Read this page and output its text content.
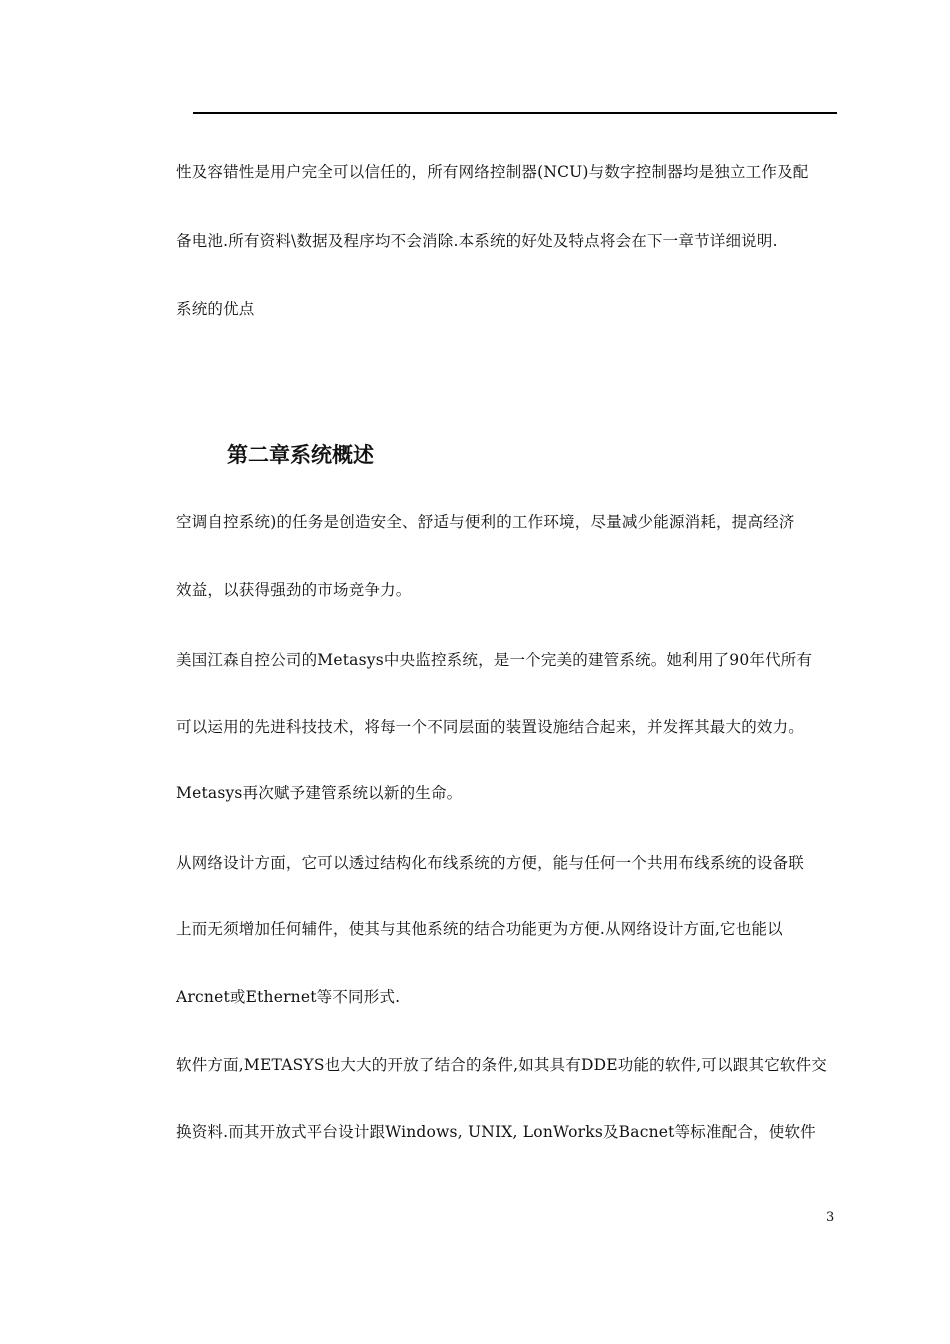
性及容错性是用户完全可以信任的，所有网络控制器(NCU)与数字控制器均是独立工作及配
备电池.所有资料\数据及程序均不会消除.本系统的好处及特点将会在下一章节详细说明.
系统的优点
第二章系统概述
空调自控系统)的任务是创造安全、舒适与便利的工作环境，尽量减少能源消耗，提高经济
效益，以获得强劲的市场竞争力。
美国江森自控公司的Metasys中央监控系统，是一个完美的建管系统。她利用了90年代所有
可以运用的先进科技技术，将每一个不同层面的装置设施结合起来，并发挥其最大的效力。
Metasys再次赋予建管系统以新的生命。
从网络设计方面，它可以透过结构化布线系统的方便，能与任何一个共用布线系统的设备联
上而无须增加任何辅件，使其与其他系统的结合功能更为方便.从网络设计方面,它也能以
Arcnet或Ethernet等不同形式.
软件方面,METASYS也大大的开放了结合的条件,如其具有DDE功能的软件,可以跟其它软件交
换资料.而其开放式平台设计跟Windows, UNIX, LonWorks及Bacnet等标准配合，使软件
3
